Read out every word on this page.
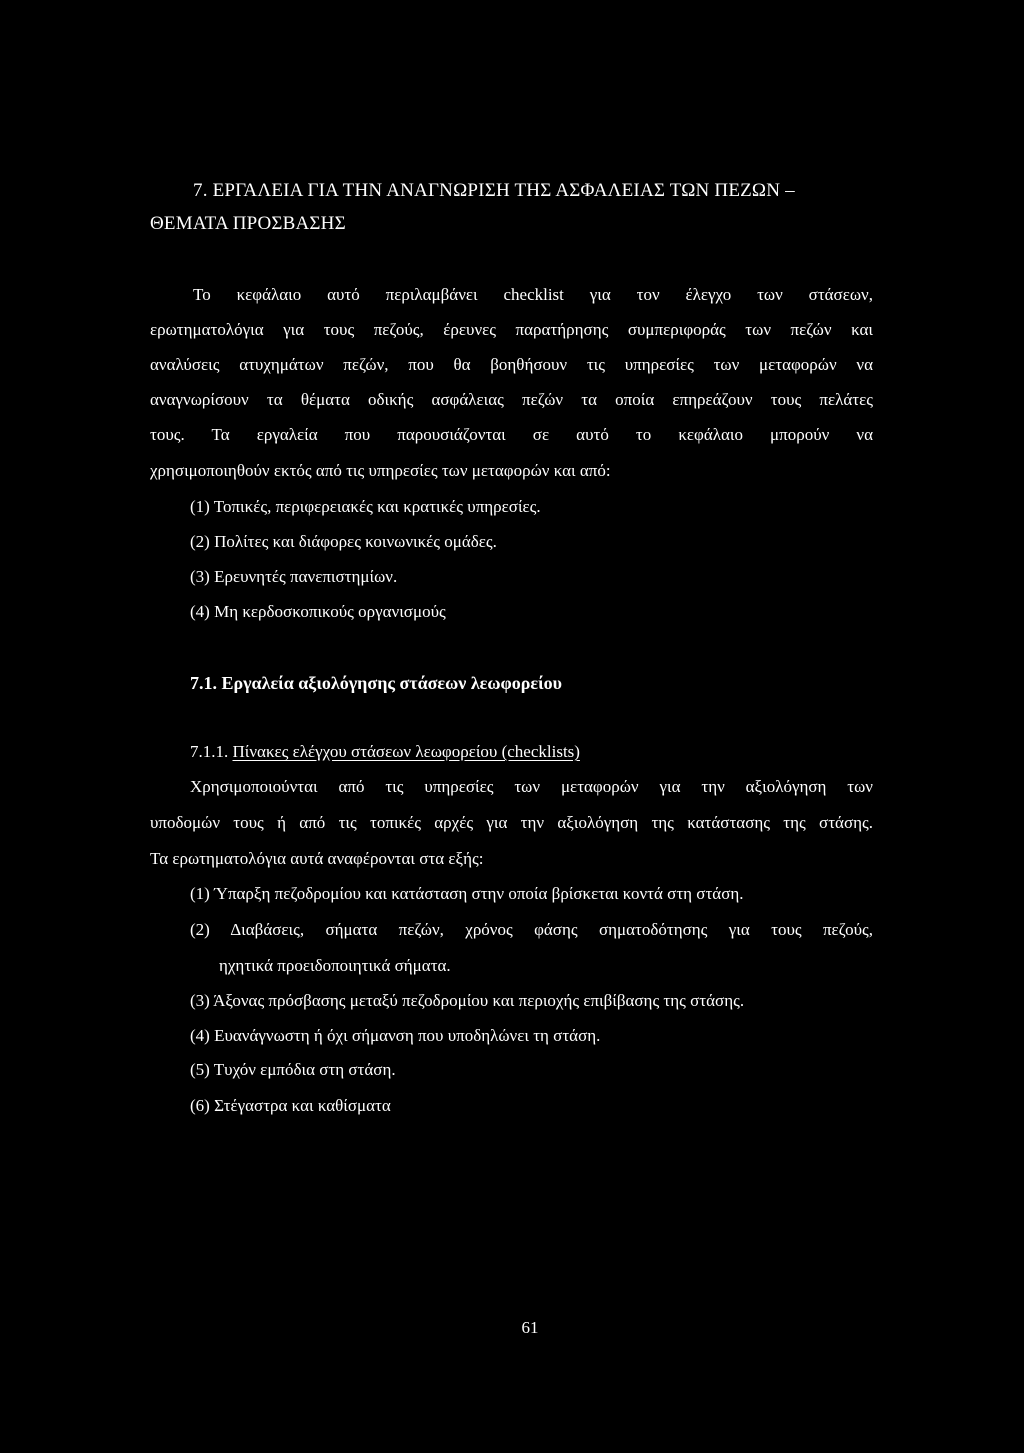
7. ΕΡΓΑΛΕΙΑ ΓΙΑ ΤΗΝ ΑΝΑΓΝΩΡΙΣΗ ΤΗΣ ΑΣΦΑΛΕΙΑΣ ΤΩΝ ΠΕΖΩΝ –
ΘΕΜΑΤΑ ΠΡΟΣΒΑΣΗΣ
Το κεφάλαιο αυτό περιλαμβάνει checklist για τον έλεγχο των στάσεων,
ερωτηματολόγια για τους πεζούς, έρευνες παρατήρησης συμπεριφοράς των πεζών και
αναλύσεις ατυχημάτων πεζών, που θα βοηθήσουν τις υπηρεσίες των μεταφορών να
αναγνωρίσουν τα θέματα οδικής ασφάλειας πεζών τα οποία επηρεάζουν τους πελάτες
τους. Τα εργαλεία που παρουσιάζονται σε αυτό το κεφάλαιο μπορούν να
χρησιμοποιηθούν εκτός από τις υπηρεσίες των μεταφορών και από:
(1) Τοπικές, περιφερειακές και κρατικές υπηρεσίες.
(2) Πολίτες και διάφορες κοινωνικές ομάδες.
(3) Ερευνητές πανεπιστημίων.
(4) Μη κερδοσκοπικούς οργανισμούς
7.1. Εργαλεία αξιολόγησης στάσεων λεωφορείου
7.1.1. Πίνακες ελέγχου στάσεων λεωφορείου (checklists)
Χρησιμοποιούνται από τις υπηρεσίες των μεταφορών για την αξιολόγηση των
υποδομών τους ή από τις τοπικές αρχές για την αξιολόγηση της κατάστασης της στάσης.
Τα ερωτηματολόγια αυτά αναφέρονται στα εξής:
(1) Ύπαρξη πεζοδρομίου και κατάσταση στην οποία βρίσκεται κοντά στη στάση.
(2) Διαβάσεις, σήματα πεζών, χρόνος φάσης σηματοδότησης για τους πεζούς,
ηχητικά προειδοποιητικά σήματα.
(3) Άξονας πρόσβασης μεταξύ πεζοδρομίου και περιοχής επιβίβασης της στάσης.
(4) Ευανάγνωστη ή όχι σήμανση που υποδηλώνει τη στάση.
(5) Τυχόν εμπόδια στη στάση.
(6) Στέγαστρα και καθίσματα
61
